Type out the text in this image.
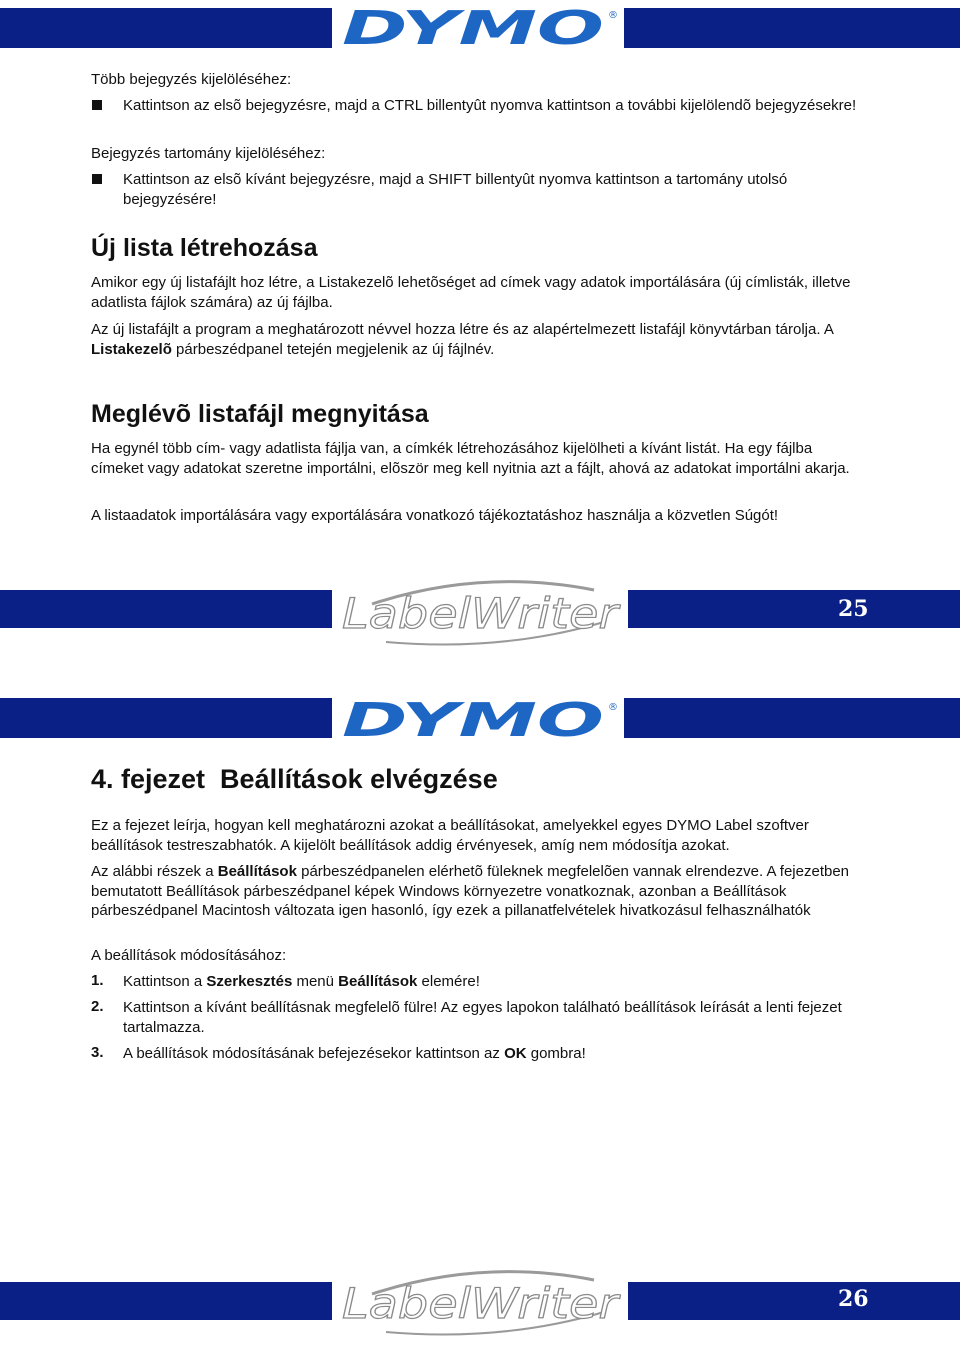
DYMO ®

Több bejegyzés kijelöléséhez:

Kattintson az elsõ bejegyzésre, majd a CTRL billentyût nyomva kattintson a további kijelölendõ bejegyzésekre!

Bejegyzés tartomány kijelöléséhez:

Kattintson az elsõ kívánt bejegyzésre, majd a SHIFT billentyût nyomva kattintson a tartomány utolsó bejegyzésére!

Új lista létrehozása

Amikor egy új listafájlt hoz létre, a Listakezelõ lehetõséget ad címek vagy adatok importálására (új címlisták, illetve adatlista fájlok számára) az új fájlba.

Az új listafájlt a program a meghatározott névvel hozza létre és az alapértelmezett listafájl könyvtárban tárolja. A Listakezelõ párbeszédpanel tetején megjelenik az új fájlnév.

Meglévõ listafájl megnyitása

Ha egynél több cím- vagy adatlista fájlja van, a címkék létrehozásához kijelölheti a kívánt listát. Ha egy fájlba címeket vagy adatokat szeretne importálni, elõször meg kell nyitnia azt a fájlt, ahová az adatokat importálni akarja.

A listaadatok importálására vagy exportálására vonatkozó tájékoztatáshoz használja a közvetlen Súgót!

LabelWriter	25
DYMO ®
4. fejezet  Beállítások elvégzése

Ez a fejezet leírja, hogyan kell meghatározni azokat a beállításokat, amelyekkel egyes DYMO Label szoftver beállítások testreszabhatók. A kijelölt beállítások addig érvényesek, amíg nem módosítja azokat.

Az alábbi részek a Beállítások párbeszédpanelen elérhetõ füleknek megfelelõen vannak elrendezve. A fejezetben bemutatott Beállítások párbeszédpanel képek Windows környezetre vonatkoznak, azonban a Beállítások párbeszédpanel Macintosh változata igen hasonló, így ezek a pillanatfelvételek hivatkozásul felhasználhatók

A beállítások módosításához:

1. Kattintson a Szerkesztés menü Beállítások elemére!

2. Kattintson a kívánt beállításnak megfelelõ fülre! Az egyes lapokon található beállítások leírását a lenti fejezet tartalmazza.

3. A beállítások módosításának befejezésekor kattintson az OK gombra!

LabelWriter	26
